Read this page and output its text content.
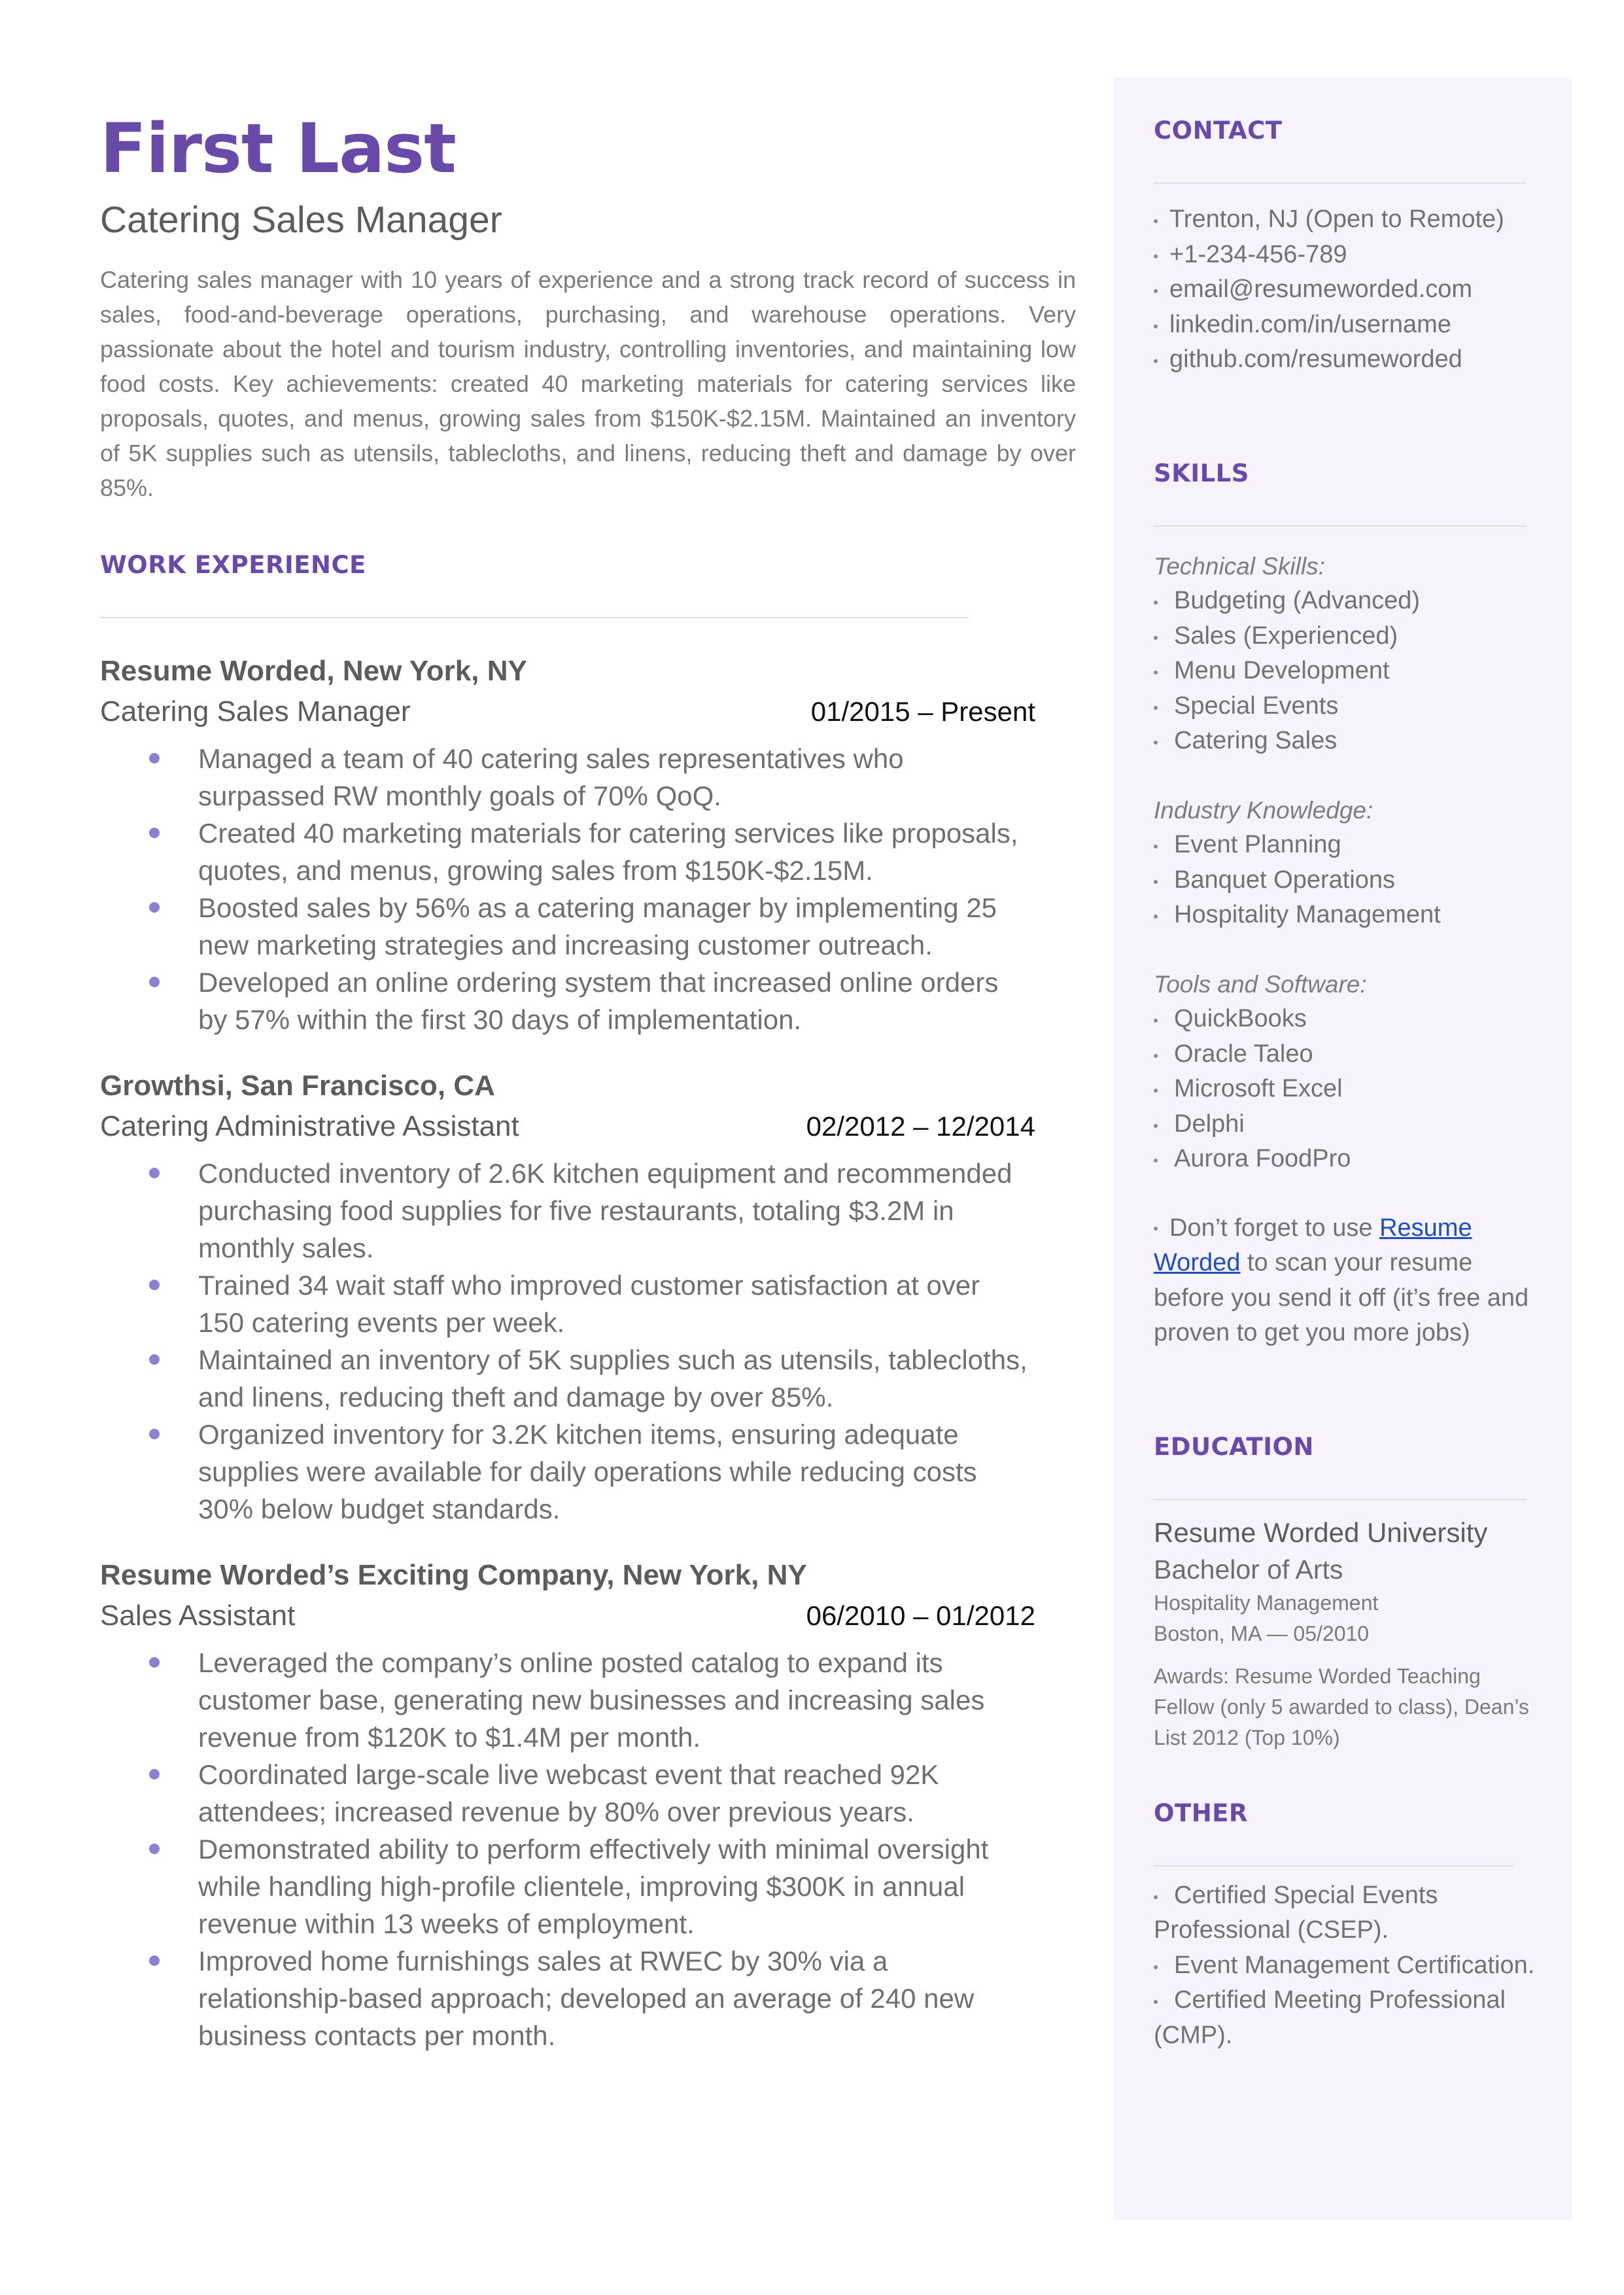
First Last
Catering Sales Manager
Catering sales manager with 10 years of experience and a strong track record of success in sales, food-and-beverage operations, purchasing, and warehouse operations. Very passionate about the hotel and tourism industry, controlling inventories, and maintaining low food costs. Key achievements: created 40 marketing materials for catering services like proposals, quotes, and menus, growing sales from $150K-$2.15M. Maintained an inventory of 5K supplies such as utensils, tablecloths, and linens, reducing theft and damage by over 85%.
WORK EXPERIENCE
Resume Worded, New York, NY
Catering Sales Manager	01/2015 – Present
Managed a team of 40 catering sales representatives who surpassed RW monthly goals of 70% QoQ.
Created 40 marketing materials for catering services like proposals, quotes, and menus, growing sales from $150K-$2.15M.
Boosted sales by 56% as a catering manager by implementing 25 new marketing strategies and increasing customer outreach.
Developed an online ordering system that increased online orders by 57% within the first 30 days of implementation.
Growthsi, San Francisco, CA
Catering Administrative Assistant	02/2012 – 12/2014
Conducted inventory of 2.6K kitchen equipment and recommended purchasing food supplies for five restaurants, totaling $3.2M in monthly sales.
Trained 34 wait staff who improved customer satisfaction at over 150 catering events per week.
Maintained an inventory of 5K supplies such as utensils, tablecloths, and linens, reducing theft and damage by over 85%.
Organized inventory for 3.2K kitchen items, ensuring adequate supplies were available for daily operations while reducing costs 30% below budget standards.
Resume Worded’s Exciting Company, New York, NY
Sales Assistant	06/2010 – 01/2012
Leveraged the company’s online posted catalog to expand its customer base, generating new businesses and increasing sales revenue from $120K to $1.4M per month.
Coordinated large-scale live webcast event that reached 92K attendees; increased revenue by 80% over previous years.
Demonstrated ability to perform effectively with minimal oversight while handling high-profile clientele, improving $300K in annual revenue within 13 weeks of employment.
Improved home furnishings sales at RWEC by 30% via a relationship-based approach; developed an average of 240 new business contacts per month.
CONTACT
Trenton, NJ (Open to Remote)
+1-234-456-789
email@resumeworded.com
linkedin.com/in/username
github.com/resumeworded
SKILLS
Technical Skills:
Budgeting (Advanced)
Sales (Experienced)
Menu Development
Special Events
Catering Sales
Industry Knowledge:
Event Planning
Banquet Operations
Hospitality Management
Tools and Software:
QuickBooks
Oracle Taleo
Microsoft Excel
Delphi
Aurora FoodPro
Don’t forget to use Resume Worded to scan your resume before you send it off (it’s free and proven to get you more jobs)
EDUCATION
Resume Worded University
Bachelor of Arts
Hospitality Management
Boston, MA — 05/2010
Awards: Resume Worded Teaching Fellow (only 5 awarded to class), Dean’s List 2012 (Top 10%)
OTHER
Certified Special Events Professional (CSEP).
Event Management Certification.
Certified Meeting Professional (CMP).
